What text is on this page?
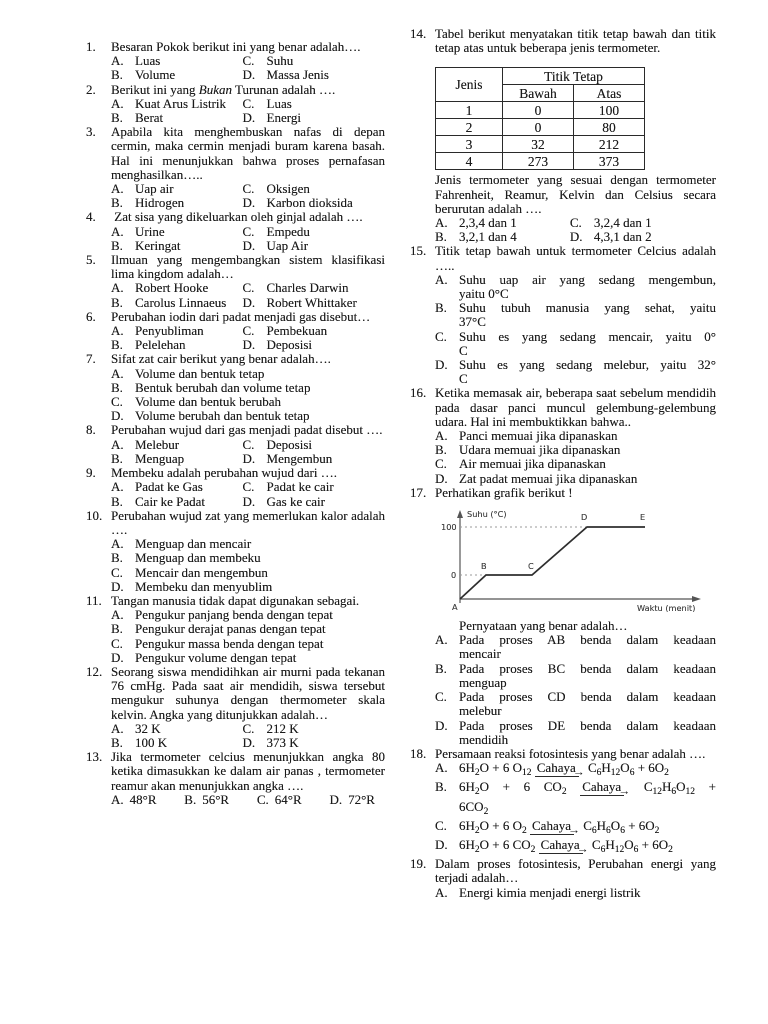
1.	Besaran Pokok berikut ini yang benar adalah….
A. Luas
B. Volume
C. Suhu
D. Massa Jenis
2.	Berikut ini yang Bukan Turunan adalah ….
A. Kuat Arus Listrik
B. Berat
C. Luas
D. Energi
3.	Apabila kita menghembuskan nafas di depan cermin, maka cermin menjadi buram karena basah. Hal ini menunjukkan bahwa proses pernafasan menghasilkan…..
A. Uap air
B. Hidrogen
C. Oksigen
D. Karbon dioksida
4.	Zat sisa yang dikeluarkan oleh ginjal adalah ….
A. Urine
B. Keringat
C. Empedu
D. Uap Air
5.	Ilmuan yang mengembangkan sistem klasifikasi lima kingdom adalah…
A. Robert Hooke
B. Carolus Linnaeus
C. Charles Darwin
D. Robert Whittaker
6.	Perubahan iodin dari padat menjadi gas disebut…
A. Penyubliman
B. Pelelehan
C. Pembekuan
D. Deposisi
7.	Sifat zat cair berikut yang benar adalah….
A. Volume dan bentuk tetap
B. Bentuk berubah dan volume tetap
C. Volume dan bentuk berubah
D. Volume berubah dan bentuk tetap
8.	Perubahan wujud dari gas menjadi padat disebut ….
A. Melebur
B. Menguap
C. Deposisi
D. Mengembun
9.	Membeku adalah perubahan wujud dari ….
A. Padat ke Gas
B. Cair ke Padat
C. Padat ke cair
D. Gas ke cair
10. Perubahan wujud zat yang memerlukan kalor adalah ….
A. Menguap dan mencair
B. Menguap dan membeku
C. Mencair dan mengembun
D. Membeku dan menyublim
11. Tangan manusia tidak dapat digunakan sebagai.
A. Pengukur panjang benda dengan tepat
B. Pengukur derajat panas dengan tepat
C. Pengukur massa benda dengan tepat
D. Pengukur volume dengan tepat
12. Seorang siswa mendidihkan air murni pada tekanan 76 cmHg. Pada saat air mendidih, siswa tersebut mengukur suhunya dengan thermometer skala kelvin. Angka yang ditunjukkan adalah…
A. 32 K
B. 100 K
C. 212 K
D. 373 K
13. Jika termometer celcius menunjukkan angka 80 ketika dimasukkan ke dalam air panas , termometer reamur akan menunjukkan angka ….
A. 48°R B. 56°R C. 64°R D. 72°R
14. Tabel berikut menyatakan titik tetap bawah dan titik tetap atas untuk beberapa jenis termometer.
Jenis	Titik Tetap	
	Bawah	Atas
1	0	100
2	0	80
3	32	212
4	273	373
Jenis termometer yang sesuai dengan termometer Fahrenheit, Reamur, Kelvin dan Celsius secara berurutan adalah ….
A. 2,3,4 dan 1
B. 3,2,1 dan 4
C. 3,2,4 dan 1
D. 4,3,1 dan 2
15. Titik tetap bawah untuk termometer Celcius adalah …..
A. Suhu uap air yang sedang mengembun,
yaitu 0°C
B. Suhu tubuh manusia yang sehat, yaitu
37°C
C. Suhu es yang sedang mencair, yaitu 0°
C
D. Suhu es yang sedang melebur, yaitu 32°
C
16. Ketika memasak air, beberapa saat sebelum mendidih pada dasar panci muncul gelembung-gelembung udara. Hal ini membuktikkan bahwa..
A. Panci memuai jika dipanaskan
B. Udara memuai jika dipanaskan
C. Air memuai jika dipanaskan
D. Zat padat memuai jika dipanaskan
17. Perhatikan grafik berikut !
Suhu (°C)
100
0
A
B	C
D	E
Waktu (menit)
Pernyataan yang benar adalah…
A. Pada proses AB benda dalam keadaan
mencair
B. Pada proses BC benda dalam keadaan
menguap
C. Pada proses CD benda dalam keadaan
melebur
D. Pada proses DE benda dalam keadaan
mendidih
18. Persamaan reaksi fotosintesis yang benar adalah ….
A. $6H_2O + 6$ $O_{12}$ Cahaya→ $C_6H_{12}O_6 + 6O_2$
B. $6H_2O + 6$ $CO_2$ Cahaya→ $C_{12}H_6O_{12}$ +
$6CO_2$
C. $6H_2O + 6$ $O_2$ Cahaya→ $C_6H_6O_6 + 6O_2$
D. $6H_2O + 6$ $CO_2$ Cahaya→ $C_6H_{12}O_6 + 6O_2$
19. Dalam proses fotosintesis, Perubahan energi yang terjadi adalah…
A. Energi kimia menjadi energi listrik
